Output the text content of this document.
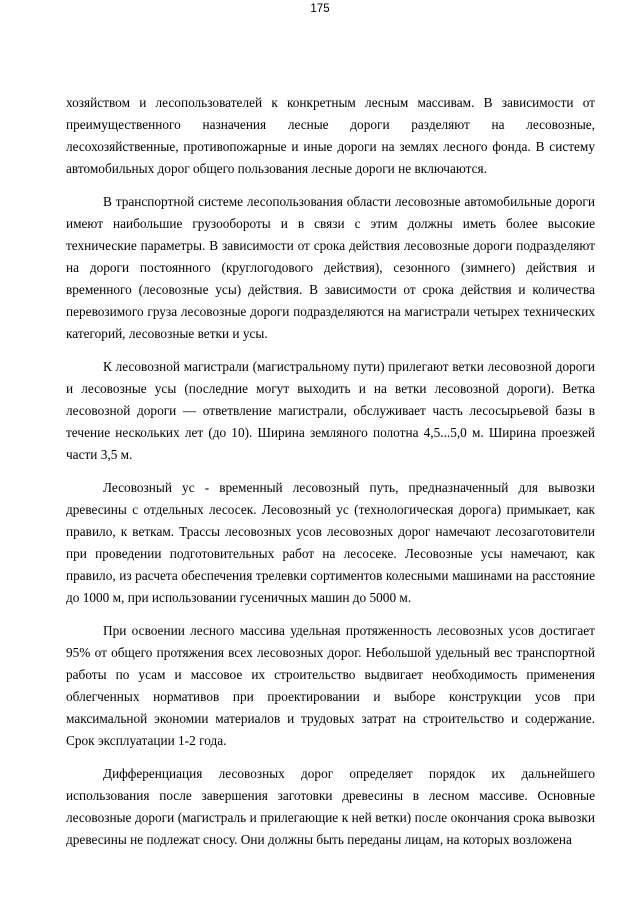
175

хозяйством и лесопользователей к конкретным лесным массивам. В зависимости от преимущественного назначения лесные дороги разделяют на лесовозные, лесохозяйственные, противопожарные и иные дороги на землях лесного фонда. В систему автомобильных дорог общего пользования лесные дороги не включаются.

В транспортной системе лесопользования области лесовозные автомобильные дороги имеют наибольшие грузообороты и в связи с этим должны иметь более высокие технические параметры. В зависимости от срока действия лесовозные дороги подразделяют на дороги постоянного (круглогодового действия), сезонного (зимнего) действия и временного (лесовозные усы) действия. В зависимости от срока действия и количества перевозимого груза лесовозные дороги подразделяются на магистрали четырех технических категорий, лесовозные ветки и усы.

К лесовозной магистрали (магистральному пути) прилегают ветки лесовозной дороги и лесовозные усы (последние могут выходить и на ветки лесовозной дороги). Ветка лесовозной дороги — ответвление магистрали, обслуживает часть лесосырьевой базы в течение нескольких лет (до 10). Ширина земляного полотна 4,5...5,0 м. Ширина проезжей части 3,5 м.

Лесовозный ус - временный лесовозный путь, предназначенный для вывозки древесины с отдельных лесосек. Лесовозный ус (технологическая дорога) примыкает, как правило, к веткам. Трассы лесовозных усов лесовозных дорог намечают лесозаготовители при проведении подготовительных работ на лесосеке. Лесовозные усы намечают, как правило, из расчета обеспечения трелевки сортиментов колесными машинами на расстояние до 1000 м, при использовании гусеничных машин до 5000 м.

При освоении лесного массива удельная протяженность лесовозных усов достигает 95% от общего протяжения всех лесовозных дорог. Небольшой удельный вес транспортной работы по усам и массовое их строительство выдвигает необходимость применения облегченных нормативов при проектировании и выборе конструкции усов при максимальной экономии материалов и трудовых затрат на строительство и содержание. Срок эксплуатации 1-2 года.

Дифференциация лесовозных дорог определяет порядок их дальнейшего использования после завершения заготовки древесины в лесном массиве. Основные лесовозные дороги (магистраль и прилегающие к ней ветки) после окончания срока вывозки древесины не подлежат сносу. Они должны быть переданы лицам, на которых возложена
